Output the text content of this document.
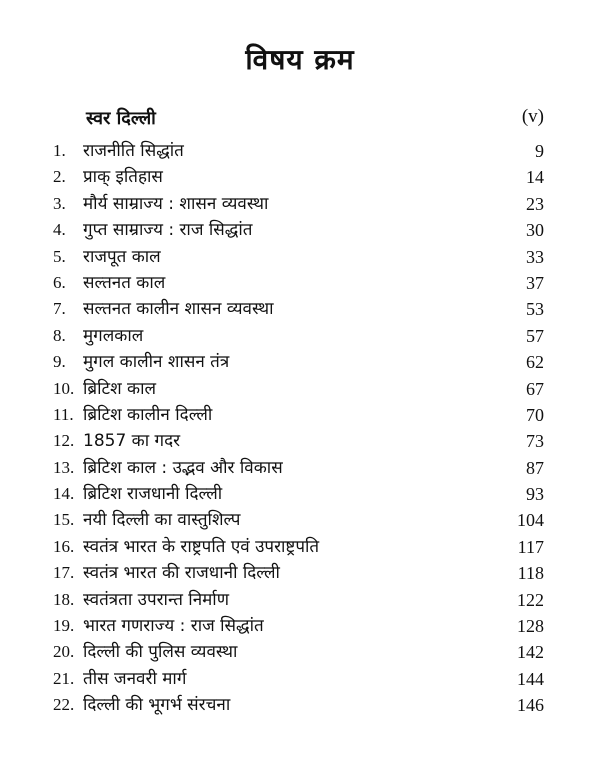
विषय क्रम
स्वर दिल्ली	(v)
1. राजनीति सिद्धांत	9
2. प्राक् इतिहास	14
3. मौर्य साम्राज्य : शासन व्यवस्था	23
4. गुप्त साम्राज्य : राज सिद्धांत	30
5. राजपूत काल	33
6. सल्तनत काल	37
7. सल्तनत कालीन शासन व्यवस्था	53
8. मुगलकाल	57
9. मुगल कालीन शासन तंत्र	62
10. ब्रिटिश काल	67
11. ब्रिटिश कालीन दिल्ली	70
12. 1857 का गदर	73
13. ब्रिटिश काल : उद्भव और विकास	87
14. ब्रिटिश राजधानी दिल्ली	93
15. नयी दिल्ली का वास्तुशिल्प	104
16. स्वतंत्र भारत के राष्ट्रपति एवं उपराष्ट्रपति	117
17. स्वतंत्र भारत की राजधानी दिल्ली	118
18. स्वतंत्रता उपरान्त निर्माण	122
19. भारत गणराज्य : राज सिद्धांत	128
20. दिल्ली की पुलिस व्यवस्था	142
21. तीस जनवरी मार्ग	144
22. दिल्ली की भूगर्भ संरचना	146
